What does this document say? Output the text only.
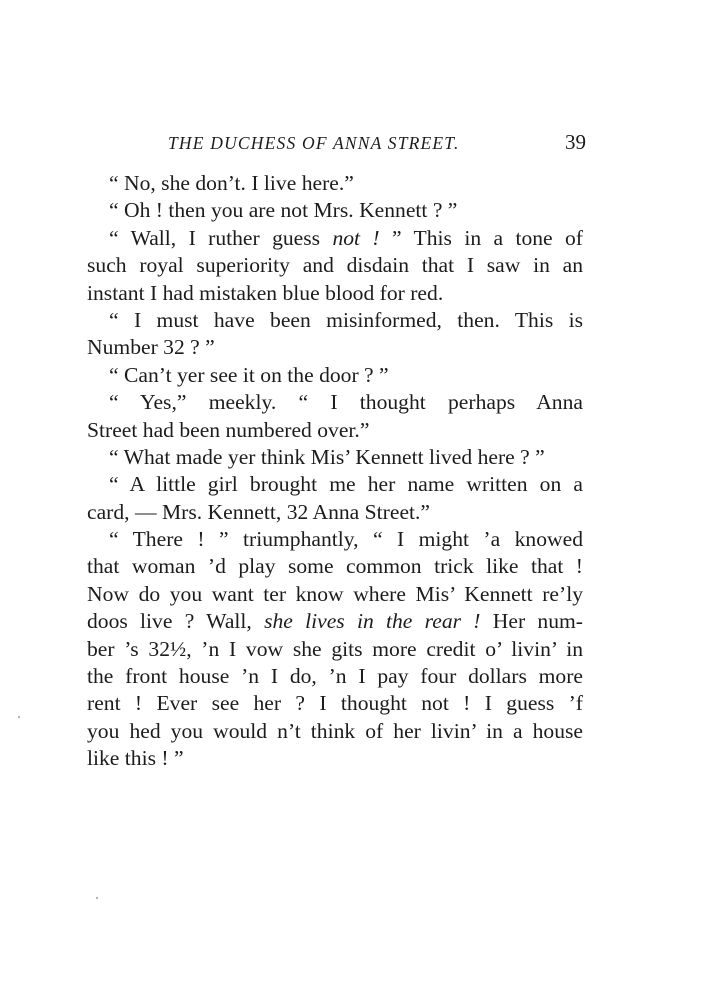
THE DUCHESS OF ANNA STREET.	39
“ No, she don’t. I live here.”
“ Oh ! then you are not Mrs. Kennett ? ”
“ Wall, I ruther guess not ! ” This in a tone of
such royal superiority and disdain that I saw in an
instant I had mistaken blue blood for red.
“ I must have been misinformed, then. This is
Number 32 ? ”
“ Can’t yer see it on the door ? ”
“ Yes,” meekly. “ I thought perhaps Anna
Street had been numbered over.”
“ What made yer think Mis’ Kennett lived here ? ”
“ A little girl brought me her name written on a
card, — Mrs. Kennett, 32 Anna Street.”
“ There ! ” triumphantly, “ I might ’a knowed
that woman ’d play some common trick like that !
Now do you want ter know where Mis’ Kennett re’ly
doos live ? Wall, she lives in the rear ! Her num-
ber ’s 32½, ’n I vow she gits more credit o’ livin’ in
the front house ’n I do, ’n I pay four dollars more
rent ! Ever see her ? I thought not ! I guess ’f
you hed you would n’t think of her livin’ in a house
like this ! ”
